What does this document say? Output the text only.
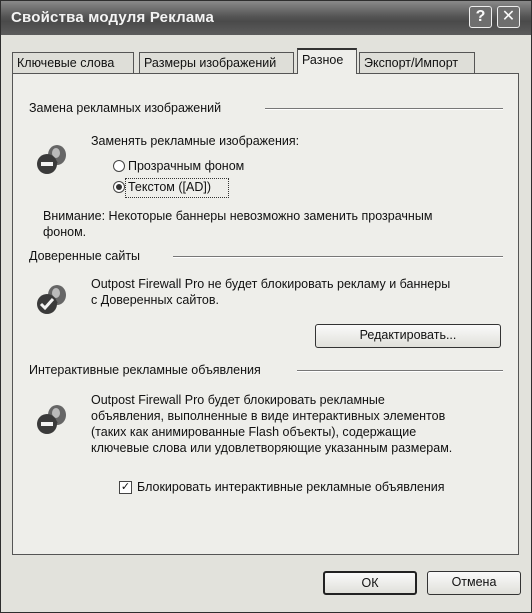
Свойства модуля Реклама	?	✕
Ключевые слова	Размеры изображений	Разное	Экспорт/Импорт
Замена рекламных изображений
Заменять рекламные изображения:
Прозрачным фоном
Текстом ([AD])
Внимание: Некоторые баннеры невозможно заменить прозрачным
фоном.
Доверенные сайты
Outpost Firewall Pro не будет блокировать рекламу и баннеры
с Доверенных сайтов.
Редактировать...
Интерактивные рекламные объявления
Outpost Firewall Pro будет блокировать рекламные
объявления, выполненные в виде интерактивных элементов
(таких как анимированные Flash объекты), содержащие
ключевые слова или удовлетворяющие указанным размерам.
✓ Блокировать интерактивные рекламные объявления
ОК	Отмена
